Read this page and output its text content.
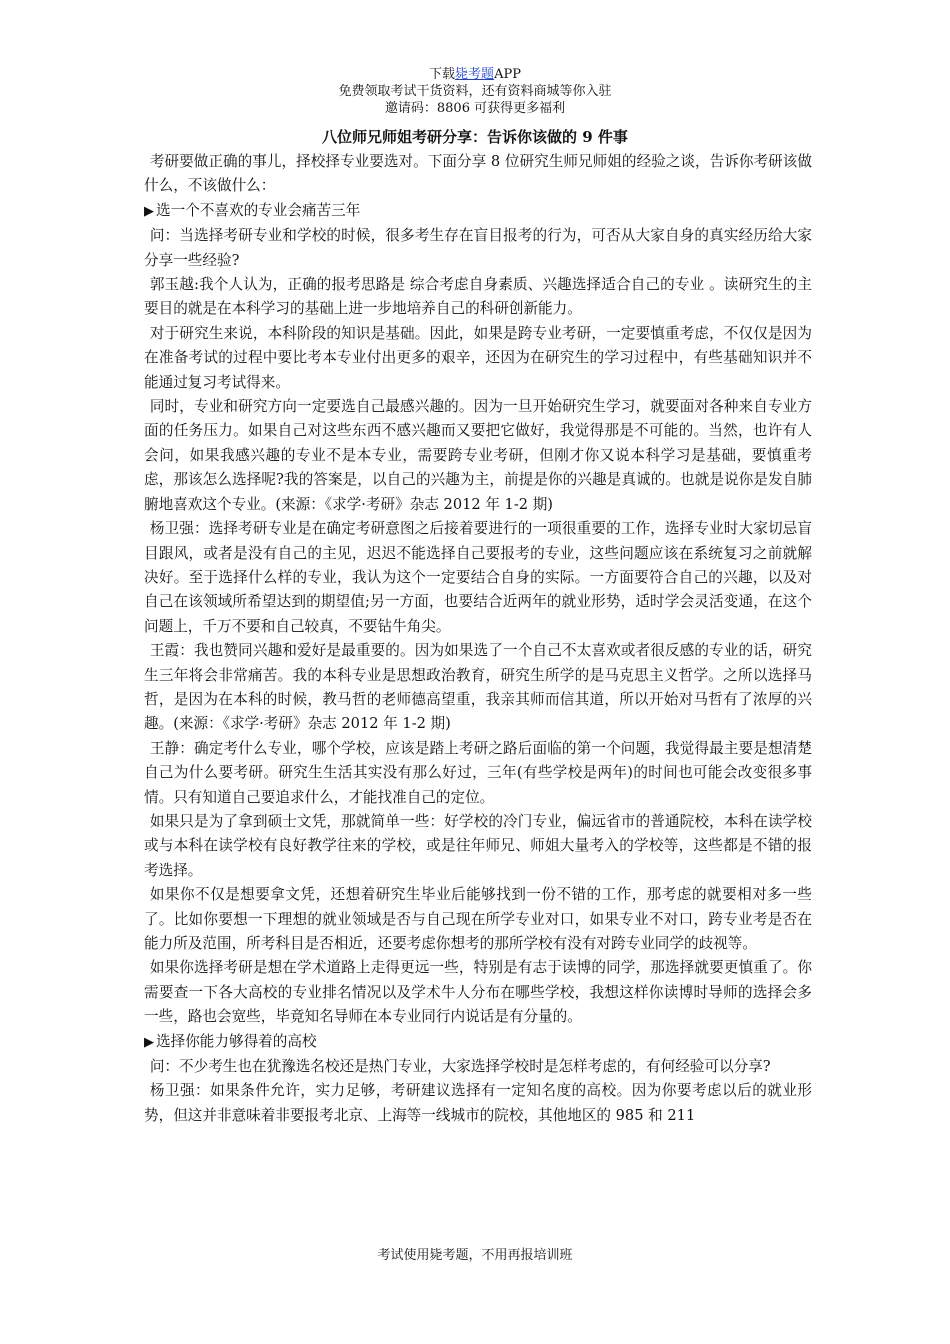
下载毙考题APP
免费领取考试干货资料，还有资料商城等你入驻
邀请码：8806 可获得更多福利
八位师兄师姐考研分享：告诉你该做的 9 件事

考研要做正确的事儿，择校择专业要选对。下面分享 8 位研究生师兄师姐的经验之谈，告诉你考研该做什么，不该做什么：

▶ 选一个不喜欢的专业会痛苦三年

问：当选择考研专业和学校的时候，很多考生存在盲目报考的行为，可否从大家自身的真实经历给大家分享一些经验?

郭玉越:我个人认为，正确的报考思路是 综合考虑自身素质、兴趣选择适合自己的专业 。读研究生的主要目的就是在本科学习的基础上进一步地培养自己的科研创新能力。

对于研究生来说，本科阶段的知识是基础。因此，如果是跨专业考研，一定要慎重考虑，不仅仅是因为在准备考试的过程中要比考本专业付出更多的艰辛，还因为在研究生的学习过程中，有些基础知识并不能通过复习考试得来。

同时，专业和研究方向一定要选自己最感兴趣的。因为一旦开始研究生学习，就要面对各种来自专业方面的任务压力。如果自己对这些东西不感兴趣而又要把它做好，我觉得那是不可能的。当然，也许有人会问，如果我感兴趣的专业不是本专业，需要跨专业考研，但刚才你又说本科学习是基础，要慎重考虑，那该怎么选择呢?我的答案是，以自己的兴趣为主，前提是你的兴趣是真诚的。也就是说你是发自肺腑地喜欢这个专业。(来源：《求学·考研》杂志 2012 年 1-2 期)

杨卫强：选择考研专业是在确定考研意图之后接着要进行的一项很重要的工作，选择专业时大家切忌盲目跟风，或者是没有自己的主见，迟迟不能选择自己要报考的专业，这些问题应该在系统复习之前就解决好。至于选择什么样的专业，我认为这个一定要结合自身的实际。一方面要符合自己的兴趣，以及对自己在该领域所希望达到的期望值;另一方面，也要结合近两年的就业形势，适时学会灵活变通，在这个问题上，千万不要和自己较真，不要钻牛角尖。

王霞：我也赞同兴趣和爱好是最重要的。因为如果选了一个自己不太喜欢或者很反感的专业的话，研究生三年将会非常痛苦。我的本科专业是思想政治教育，研究生所学的是马克思主义哲学。之所以选择马哲，是因为在本科的时候，教马哲的老师德高望重，我亲其师而信其道，所以开始对马哲有了浓厚的兴趣。(来源：《求学·考研》杂志 2012 年 1-2 期)

王静：确定考什么专业，哪个学校，应该是踏上考研之路后面临的第一个问题，我觉得最主要是想清楚自己为什么要考研。研究生生活其实没有那么好过，三年(有些学校是两年)的时间也可能会改变很多事情。只有知道自己要追求什么，才能找准自己的定位。

如果只是为了拿到硕士文凭，那就简单一些：好学校的冷门专业，偏远省市的普通院校，本科在读学校或与本科在读学校有良好教学往来的学校，或是往年师兄、师姐大量考入的学校等，这些都是不错的报考选择。

如果你不仅是想要拿文凭，还想着研究生毕业后能够找到一份不错的工作，那考虑的就要相对多一些了。比如你要想一下理想的就业领域是否与自己现在所学专业对口，如果专业不对口，跨专业考是否在能力所及范围，所考科目是否相近，还要考虑你想考的那所学校有没有对跨专业同学的歧视等。

如果你选择考研是想在学术道路上走得更远一些，特别是有志于读博的同学，那选择就要更慎重了。你需要查一下各大高校的专业排名情况以及学术牛人分布在哪些学校，我想这样你读博时导师的选择会多一些，路也会宽些，毕竟知名导师在本专业同行内说话是有分量的。

▶ 选择你能力够得着的高校

问：不少考生也在犹豫选名校还是热门专业，大家选择学校时是怎样考虑的，有何经验可以分享?

杨卫强：如果条件允许，实力足够，考研建议选择有一定知名度的高校。因为你要考虑以后的就业形势，但这并非意味着非要报考北京、上海等一线城市的院校，其他地区的 985 和 211

考试使用毙考题，不用再报培训班
